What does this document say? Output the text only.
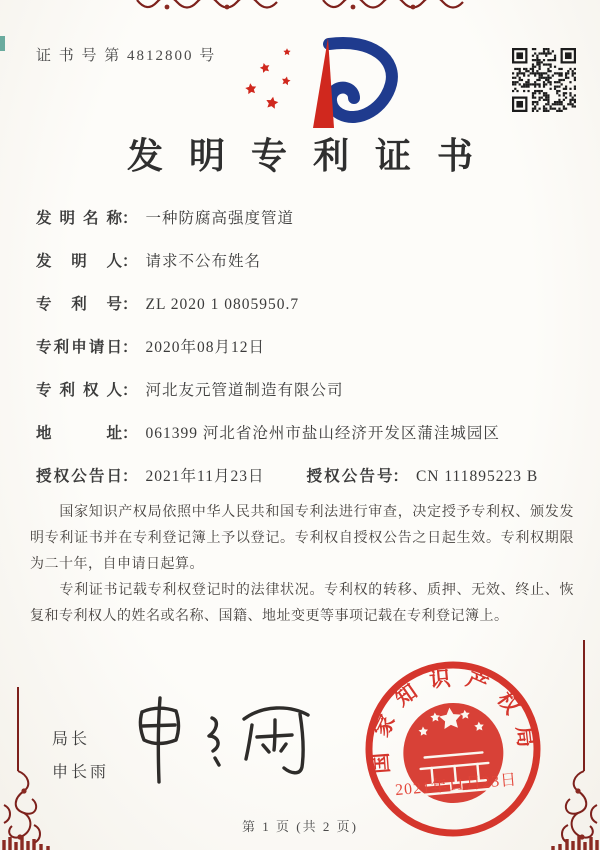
证 书 号 第 4812800 号
发明专利证书
发明名称 ： 一种防腐高强度管道
发明人 ： 请求不公布姓名
专利号 ： ZL 2020 1 0805950.7
专利申请日 ： 2020年08月12日
专利权人 ： 河北友元管道制造有限公司
地址 ： 061399 河北省沧州市盐山经济开发区蒲洼城园区
授权公告日 ： 2021年11月23日	授权公告号 ： CN 111895223 B

国家知识产权局依照中华人民共和国专利法进行审查，决定授予专利权、颁发发明专利证书并在专利登记簿上予以登记。专利权自授权公告之日起生效。专利权期限为二十年，自申请日起算。

专利证书记载专利权登记时的法律状况。专利权的转移、质押、无效、终止、恢复和专利权人的姓名或名称、国籍、地址变更等事项记载在专利登记簿上。

局长
申长雨	国家知识产权局
2021年11月23日
第 1 页 (共 2 页)
